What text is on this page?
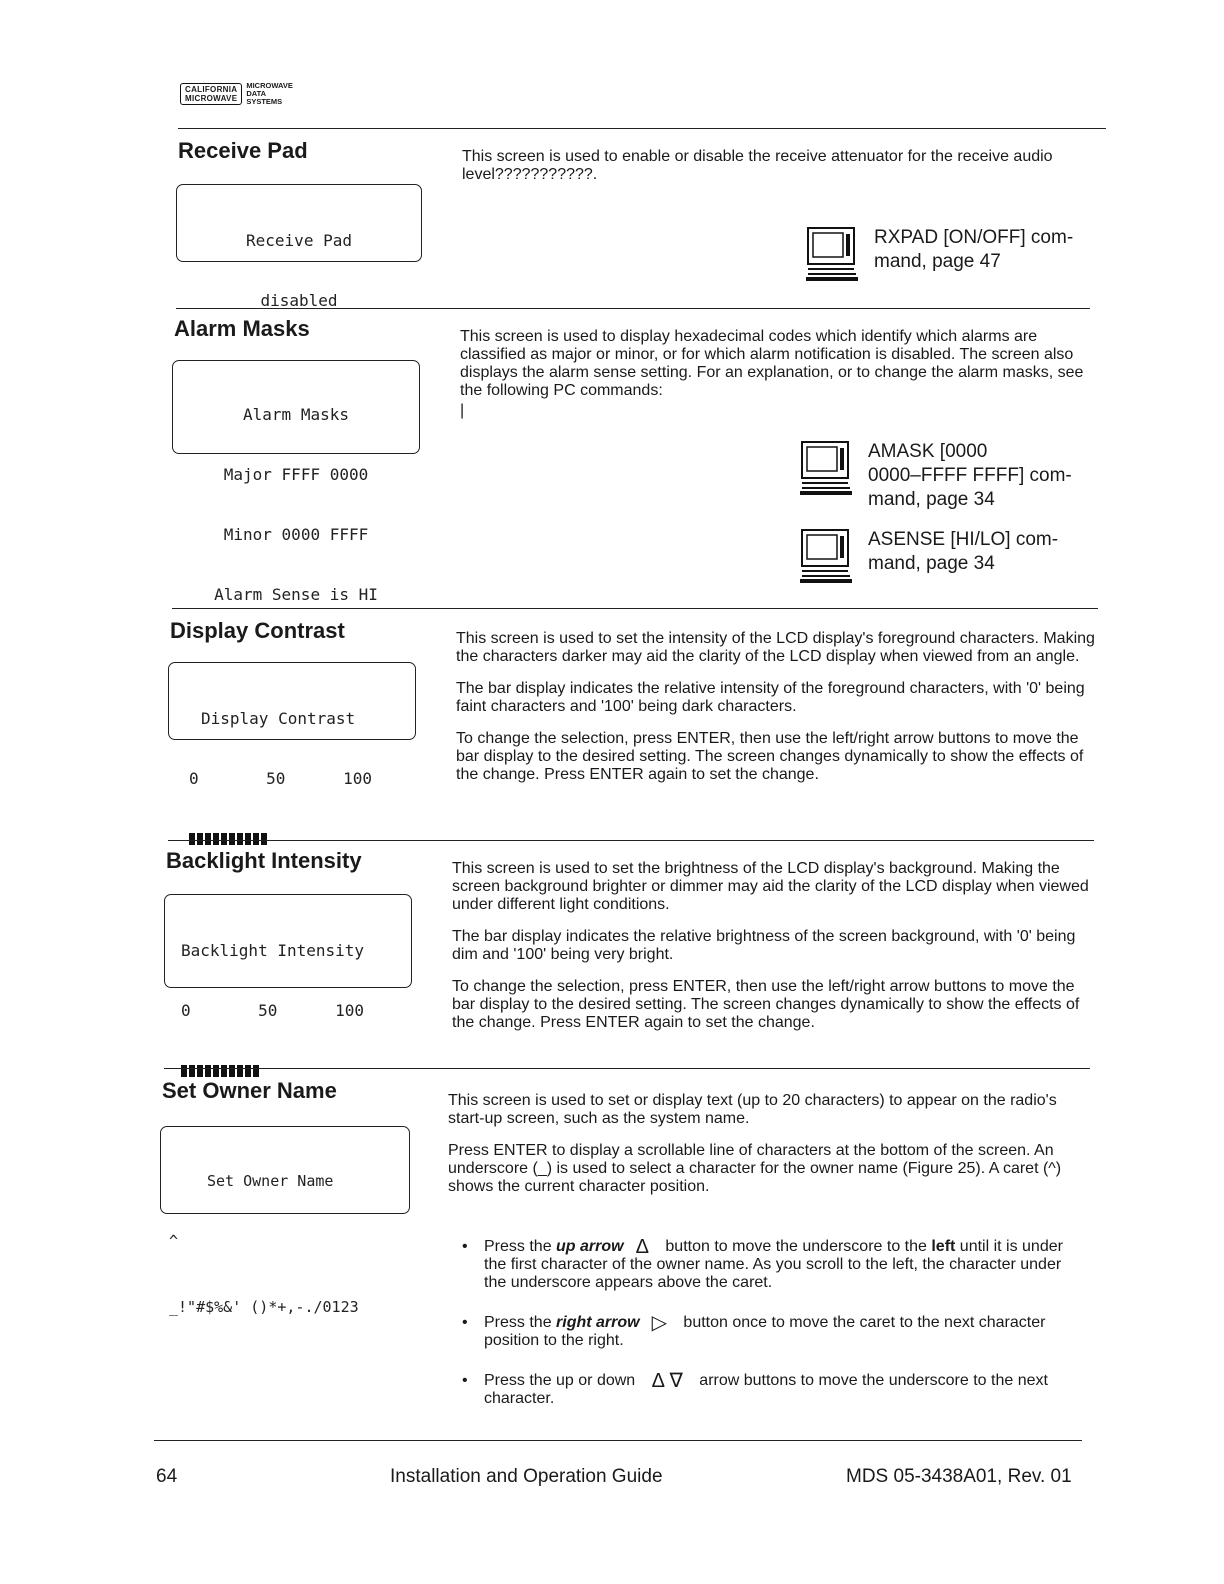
CALIFORNIA
MICROWAVE
MICROWAVE
DATA
SYSTEMS
Receive Pad

Receive Pad

disabled

This screen is used to enable or disable the receive attenuator for the receive audio level???????????.

RXPAD [ON/OFF] com-
mand, page 47
Alarm Masks

Alarm Masks

Major FFFF 0000

Minor 0000 FFFF

Alarm Sense is HI

This screen is used to display hexadecimal codes which identify which alarms are classified as major or minor, or for which alarm notification is disabled. The screen also displays the alarm sense setting. For an explanation, or to change the alarm masks, see the following PC commands:

|

AMASK [0000
0000–FFFF FFFF] com-
mand, page 34
ASENSE [HI/LO] com-
mand, page 34
Display Contrast

Display Contrast

0       50      100

This screen is used to set the intensity of the LCD display's foreground characters. Making the characters darker may aid the clarity of the LCD display when viewed from an angle.

The bar display indicates the relative intensity of the foreground characters, with '0' being faint characters and '100' being dark characters.

To change the selection, press ENTER, then use the left/right arrow buttons to move the bar display to the desired setting. The screen changes dynamically to show the effects of the change. Press ENTER again to set the change.

Backlight Intensity

Backlight Intensity

0       50      100

This screen is used to set the brightness of the LCD display's background. Making the screen background brighter or dimmer may aid the clarity of the LCD display when viewed under different light conditions.

The bar display indicates the relative brightness of the screen background, with '0' being dim and '100' being very bright.

To change the selection, press ENTER, then use the left/right arrow buttons to move the bar display to the desired setting. The screen changes dynamically to show the effects of the change. Press ENTER again to set the change.

Set Owner Name

Set Owner Name

^

_!"#$%&' ()*+,-./0123

This screen is used to set or display text (up to 20 characters) to appear on the radio's start-up screen, such as the system name.

Press ENTER to display a scrollable line of characters at the bottom of the screen. An underscore (_) is used to select a character for the owner name (Figure 25). A caret (^) shows the current character position.

• Press the up arrow Δ button to move the underscore to the left until it is under the first character of the owner name. As you scroll to the left, the character under the underscore appears above the caret.
• Press the right arrow ▷ button once to move the caret to the next character position to the right.
• Press the up or down Δ ∇ arrow buttons to move the underscore to the next character.
64	Installation and Operation Guide	MDS 05-3438A01, Rev. 01
